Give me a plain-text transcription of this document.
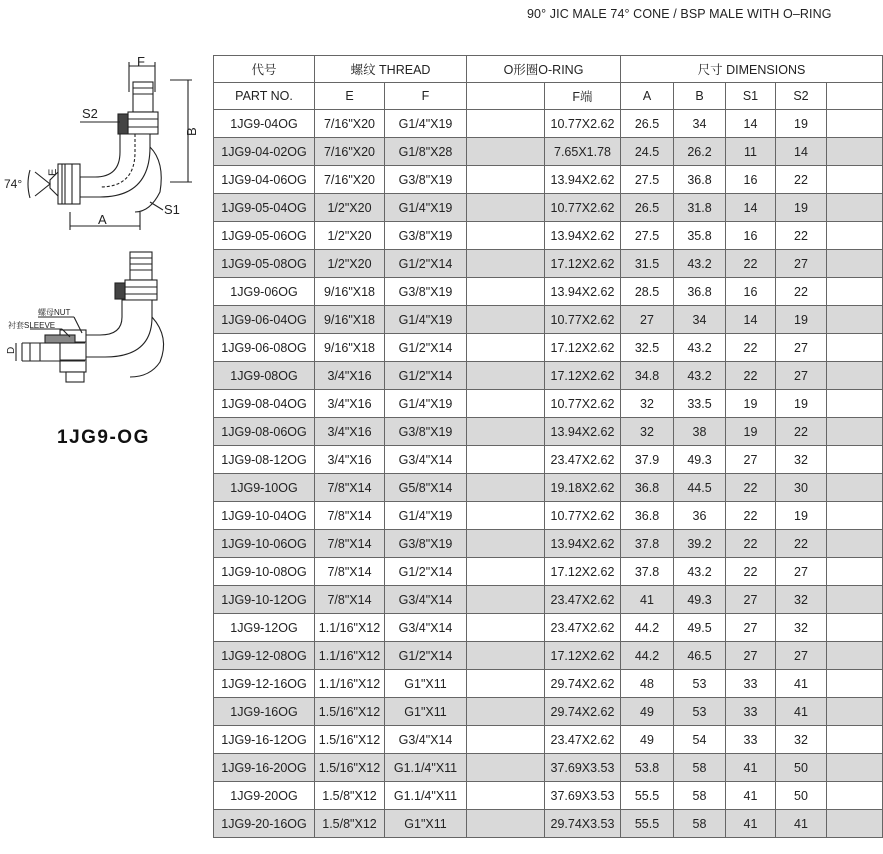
90° JIC MALE 74° CONE / BSP MALE WITH O–RING
F
B
S2
S1
E
A
74°
螺母NUT
衬套SLEEVE
D
1JG9-OG
代号	螺纹 THREAD		O形圈O-RING		尺寸 DIMENSIONS				
PART NO.	E	F		F端	A	B	S1	S2	
1JG9-04OG	7/16"X20	G1/4"X19		10.77X2.62	26.5	34	14	19	
1JG9-04-02OG	7/16"X20	G1/8"X28		7.65X1.78	24.5	26.2	11	14	
1JG9-04-06OG	7/16"X20	G3/8"X19		13.94X2.62	27.5	36.8	16	22	
1JG9-05-04OG	1/2"X20	G1/4"X19		10.77X2.62	26.5	31.8	14	19	
1JG9-05-06OG	1/2"X20	G3/8"X19		13.94X2.62	27.5	35.8	16	22	
1JG9-05-08OG	1/2"X20	G1/2"X14		17.12X2.62	31.5	43.2	22	27	
1JG9-06OG	9/16"X18	G3/8"X19		13.94X2.62	28.5	36.8	16	22	
1JG9-06-04OG	9/16"X18	G1/4"X19		10.77X2.62	27	34	14	19	
1JG9-06-08OG	9/16"X18	G1/2"X14		17.12X2.62	32.5	43.2	22	27	
1JG9-08OG	3/4"X16	G1/2"X14		17.12X2.62	34.8	43.2	22	27	
1JG9-08-04OG	3/4"X16	G1/4"X19		10.77X2.62	32	33.5	19	19	
1JG9-08-06OG	3/4"X16	G3/8"X19		13.94X2.62	32	38	19	22	
1JG9-08-12OG	3/4"X16	G3/4"X14		23.47X2.62	37.9	49.3	27	32	
1JG9-10OG	7/8"X14	G5/8"X14		19.18X2.62	36.8	44.5	22	30	
1JG9-10-04OG	7/8"X14	G1/4"X19		10.77X2.62	36.8	36	22	19	
1JG9-10-06OG	7/8"X14	G3/8"X19		13.94X2.62	37.8	39.2	22	22	
1JG9-10-08OG	7/8"X14	G1/2"X14		17.12X2.62	37.8	43.2	22	27	
1JG9-10-12OG	7/8"X14	G3/4"X14		23.47X2.62	41	49.3	27	32	
1JG9-12OG	1.1/16"X12	G3/4"X14		23.47X2.62	44.2	49.5	27	32	
1JG9-12-08OG	1.1/16"X12	G1/2"X14		17.12X2.62	44.2	46.5	27	27	
1JG9-12-16OG	1.1/16"X12	G1"X11		29.74X2.62	48	53	33	41	
1JG9-16OG	1.5/16"X12	G1"X11		29.74X2.62	49	53	33	41	
1JG9-16-12OG	1.5/16"X12	G3/4"X14		23.47X2.62	49	54	33	32	
1JG9-16-20OG	1.5/16"X12	G1.1/4"X11		37.69X3.53	53.8	58	41	50	
1JG9-20OG	1.5/8"X12	G1.1/4"X11		37.69X3.53	55.5	58	41	50	
1JG9-20-16OG	1.5/8"X12	G1"X11		29.74X3.53	55.5	58	41	41	
